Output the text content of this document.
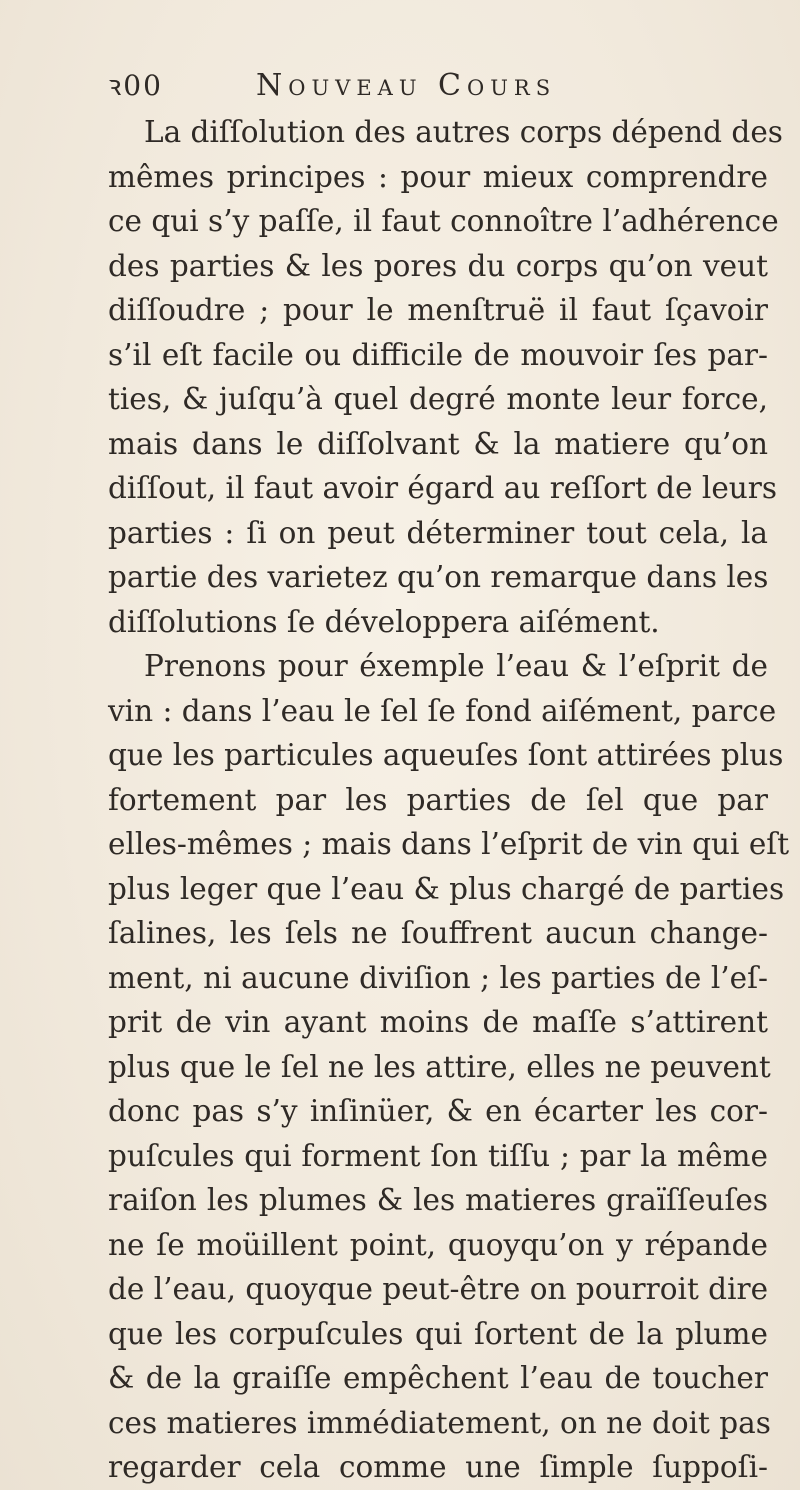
ꝛ00	Nouveau Cours
La diſſolution des autres corps dépend des
mêmes principes : pour mieux comprendre
ce qui s’y paſſe, il faut connoître l’adhérence
des parties & les pores du corps qu’on veut
diſſoudre ; pour le menſtruë il faut ſçavoir
s’il eſt facile ou difficile de mouvoir ſes par-
ties, & juſqu’à quel degré monte leur force,
mais dans le diſſolvant & la matiere qu’on
diſſout, il faut avoir égard au reſſort de leurs
parties : ſi on peut déterminer tout cela, la
partie des varietez qu’on remarque dans les
diſſolutions ſe développera aiſément.
Prenons pour éxemple l’eau & l’eſprit de
vin : dans l’eau le ſel ſe fond aiſément, parce
que les particules aqueuſes ſont attirées plus
fortement par les parties de ſel que par
elles-mêmes ; mais dans l’eſprit de vin qui eſt
plus leger que l’eau & plus chargé de parties
ſalines, les ſels ne ſouffrent aucun change-
ment, ni aucune diviſion ; les parties de l’eſ-
prit de vin ayant moins de maſſe s’attirent
plus que le ſel ne les attire, elles ne peuvent
donc pas s’y inſinüer, & en écarter les cor-
puſcules qui forment ſon tiſſu ; par la même
raiſon les plumes & les matieres graïſſeuſes
ne ſe moüillent point, quoyqu’on y répande
de l’eau, quoyque peut-être on pourroit dire
que les corpuſcules qui ſortent de la plume
& de la graiſſe empêchent l’eau de toucher
ces matieres immédiatement, on ne doit pas
regarder cela comme une ſimple ſuppoſi-
